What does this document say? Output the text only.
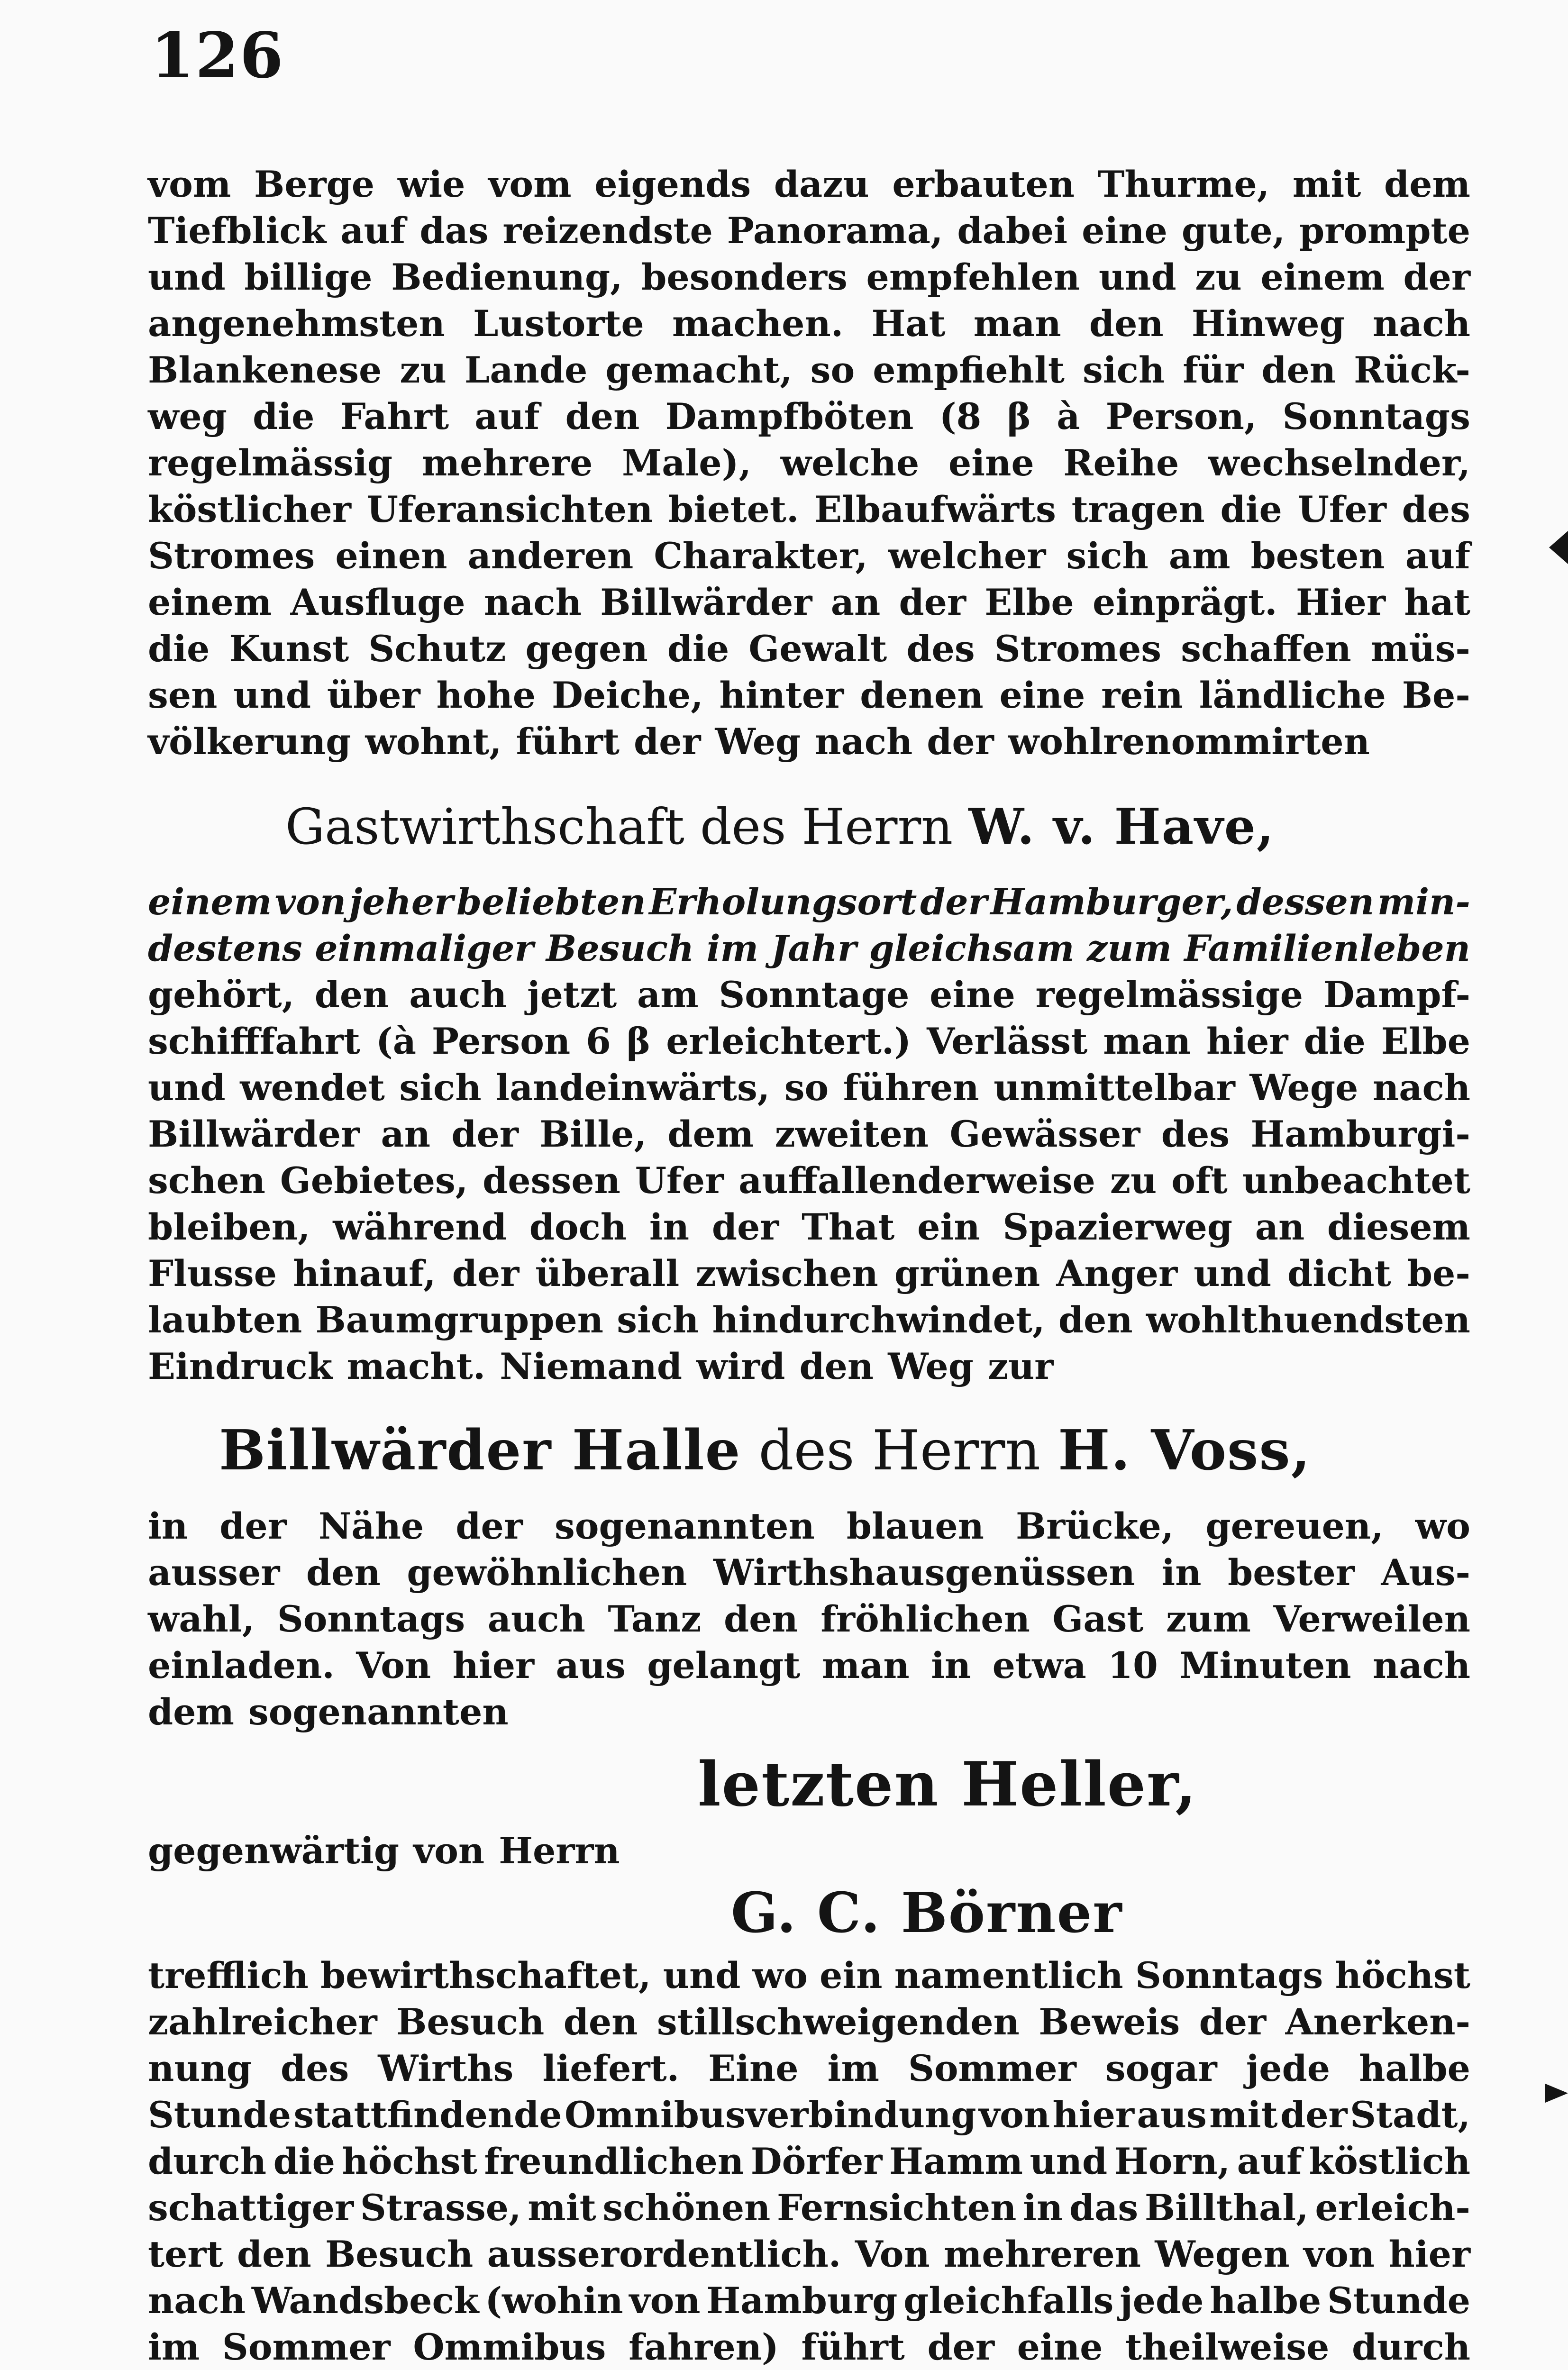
126
vom Berge wie vom eigends dazu erbauten Thurme, mit dem
Tiefblick auf das reizendste Panorama, dabei eine gute, prompte
und billige Bedienung, besonders empfehlen und zu einem der
angenehmsten Lustorte machen. Hat man den Hinweg nach
Blankenese zu Lande gemacht, so empfiehlt sich für den Rück-
weg die Fahrt auf den Dampfböten (8 β à Person, Sonntags
regelmässig mehrere Male), welche eine Reihe wechselnder,
köstlicher Uferansichten bietet. Elbaufwärts tragen die Ufer des
Stromes einen anderen Charakter, welcher sich am besten auf
einem Ausfluge nach Billwärder an der Elbe einprägt. Hier hat
die Kunst Schutz gegen die Gewalt des Stromes schaffen müs-
sen und über hohe Deiche, hinter denen eine rein ländliche Be-
völkerung wohnt, führt der Weg nach der wohlrenommirten
Gastwirthschaft des Herrn W. v. Have,
einem von jeher beliebten Erholungsort der Hamburger, dessen min-
destens einmaliger Besuch im Jahr gleichsam zum Familienleben
gehört, den auch jetzt am Sonntage eine regelmässige Dampf-
schifffahrt (à Person 6 β erleichtert.) Verlässt man hier die Elbe
und wendet sich landeinwärts, so führen unmittelbar Wege nach
Billwärder an der Bille, dem zweiten Gewässer des Hamburgi-
schen Gebietes, dessen Ufer auffallenderweise zu oft unbeachtet
bleiben, während doch in der That ein Spazierweg an diesem
Flusse hinauf, der überall zwischen grünen Anger und dicht be-
laubten Baumgruppen sich hindurchwindet, den wohlthuendsten
Eindruck macht. Niemand wird den Weg zur
Billwärder Halle des Herrn H. Voss,
in der Nähe der sogenannten blauen Brücke, gereuen, wo
ausser den gewöhnlichen Wirthshausgenüssen in bester Aus-
wahl, Sonntags auch Tanz den fröhlichen Gast zum Verweilen
einladen. Von hier aus gelangt man in etwa 10 Minuten nach
dem sogenannten
letzten Heller,
gegenwärtig von Herrn
G. C. Börner
trefflich bewirthschaftet, und wo ein namentlich Sonntags höchst
zahlreicher Besuch den stillschweigenden Beweis der Anerken-
nung des Wirths liefert. Eine im Sommer sogar jede halbe
Stunde stattfindende Omnibusverbindung von hier aus mit der Stadt,
durch die höchst freundlichen Dörfer Hamm und Horn, auf köstlich
schattiger Strasse, mit schönen Fernsichten in das Billthal, erleich-
tert den Besuch ausserordentlich. Von mehreren Wegen von hier
nach Wandsbeck (wohin von Hamburg gleichfalls jede halbe Stunde
im Sommer Ommibus fahren) führt der eine theilweise durch
